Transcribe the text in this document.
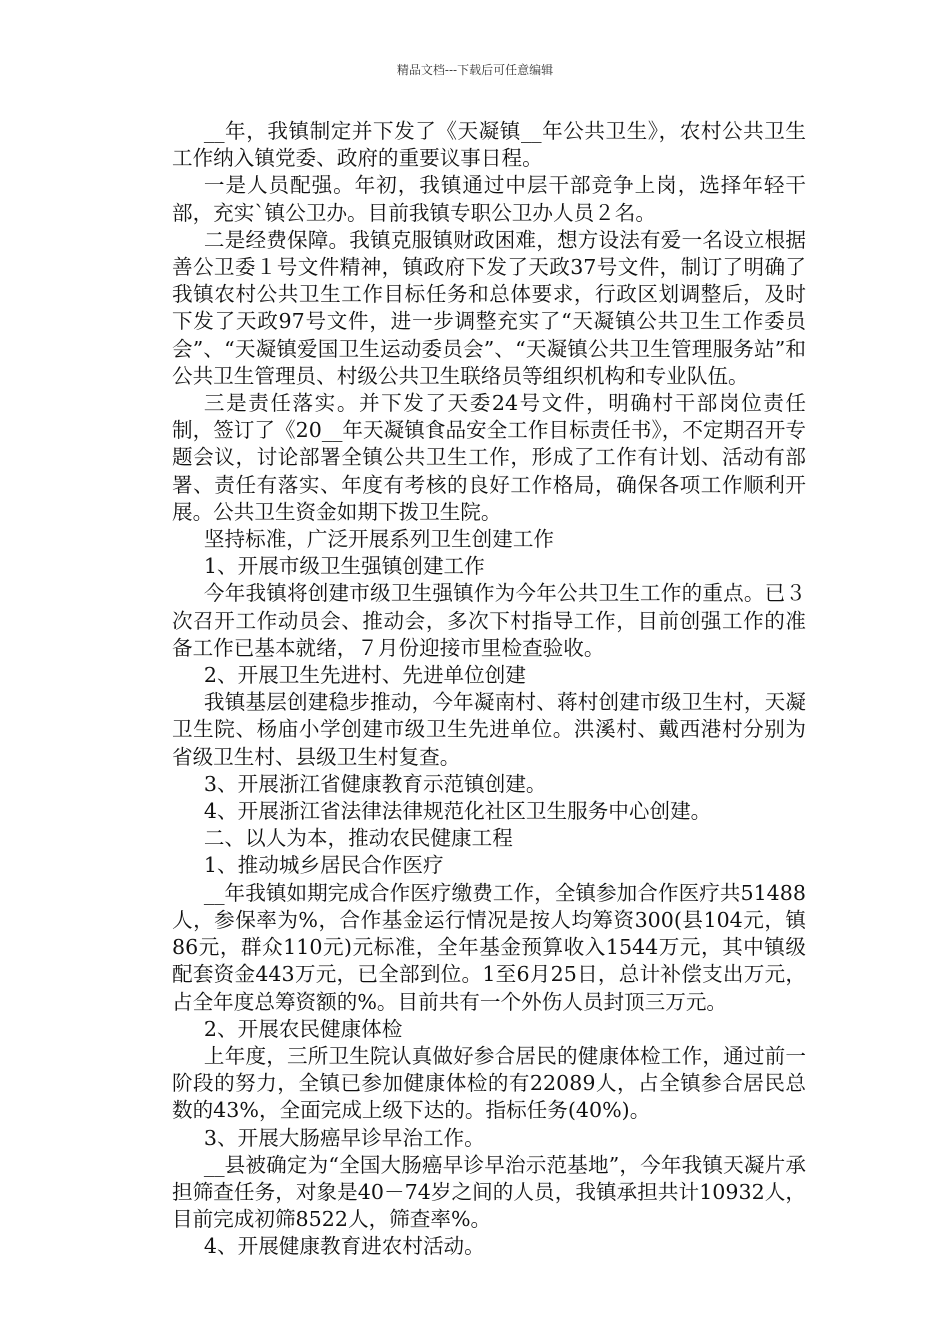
精品文档---下载后可任意编辑

__年，我镇制定并下发了《天凝镇__年公共卫生》，农村公共卫生工作纳入镇党委、政府的重要议事日程。

一是人员配强。年初，我镇通过中层干部竞争上岗，选择年轻干部，充实`镇公卫办。目前我镇专职公卫办人员２名。

二是经费保障。我镇克服镇财政困难，想方设法有爱一名设立根据善公卫委１号文件精神，镇政府下发了天政37号文件，制订了明确了我镇农村公共卫生工作目标任务和总体要求，行政区划调整后，及时下发了天政97号文件，进一步调整充实了“天凝镇公共卫生工作委员会”、“天凝镇爱国卫生运动委员会”、“天凝镇公共卫生管理服务站”和公共卫生管理员、村级公共卫生联络员等组织机构和专业队伍。

三是责任落实。并下发了天委24号文件，明确村干部岗位责任制，签订了《20__年天凝镇食品安全工作目标责任书》，不定期召开专题会议，讨论部署全镇公共卫生工作，形成了工作有计划、活动有部署、责任有落实、年度有考核的良好工作格局，确保各项工作顺利开展。公共卫生资金如期下拨卫生院。

坚持标准，广泛开展系列卫生创建工作

1、开展市级卫生强镇创建工作

今年我镇将创建市级卫生强镇作为今年公共卫生工作的重点。已３次召开工作动员会、推动会，多次下村指导工作，目前创强工作的准备工作已基本就绪，７月份迎接市里检查验收。

2、开展卫生先进村、先进单位创建

我镇基层创建稳步推动，今年凝南村、蒋村创建市级卫生村，天凝卫生院、杨庙小学创建市级卫生先进单位。洪溪村、戴西港村分别为省级卫生村、县级卫生村复查。

3、开展浙江省健康教育示范镇创建。

4、开展浙江省法律法律规范化社区卫生服务中心创建。

二、以人为本，推动农民健康工程

1、推动城乡居民合作医疗

__年我镇如期完成合作医疗缴费工作，全镇参加合作医疗共51488人，参保率为%，合作基金运行情况是按人均筹资300(县104元，镇86元，群众110元)元标准，全年基金预算收入1544万元，其中镇级配套资金443万元，已全部到位。1至6月25日，总计补偿支出万元，占全年度总筹资额的%。目前共有一个外伤人员封顶三万元。

2、开展农民健康体检

上年度，三所卫生院认真做好参合居民的健康体检工作，通过前一阶段的努力，全镇已参加健康体检的有22089人，占全镇参合居民总数的43%，全面完成上级下达的。指标任务(40%)。

3、开展大肠癌早诊早治工作。

__县被确定为“全国大肠癌早诊早治示范基地”，今年我镇天凝片承担筛查任务，对象是40－74岁之间的人员，我镇承担共计10932人，目前完成初筛8522人，筛查率%。

4、开展健康教育进农村活动。
